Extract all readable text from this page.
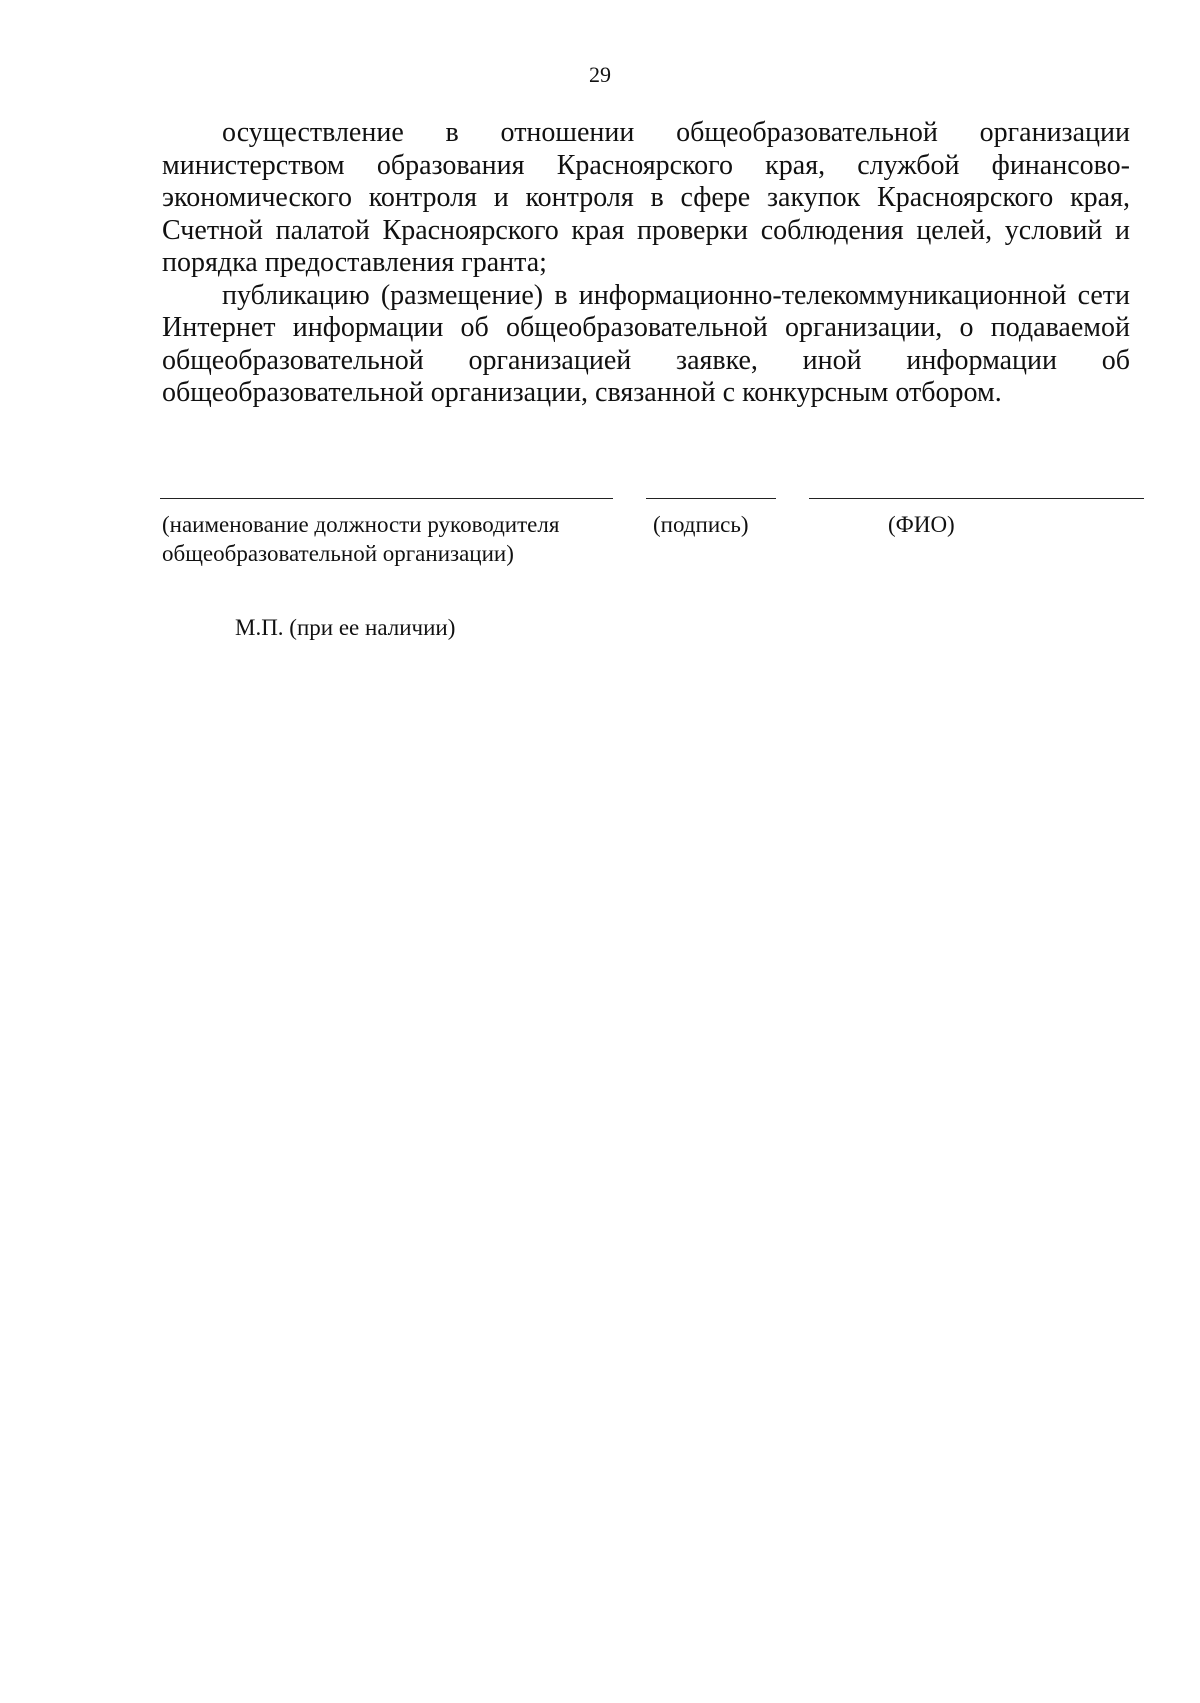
29

осуществление в отношении общеобразовательной организации министерством образования Красноярского края, службой финансово-экономического контроля и контроля в сфере закупок Красноярского края, Счетной палатой Красноярского края проверки соблюдения целей, условий и порядка предоставления гранта;

публикацию (размещение) в информационно-телекоммуникационной сети Интернет информации об общеобразовательной организации, о подаваемой общеобразовательной организацией заявке, иной информации об общеобразовательной организации, связанной с конкурсным отбором.

(наименование должности руководителя
общеобразовательной организации)
(подпись)	(ФИО)
М.П. (при ее наличии)
